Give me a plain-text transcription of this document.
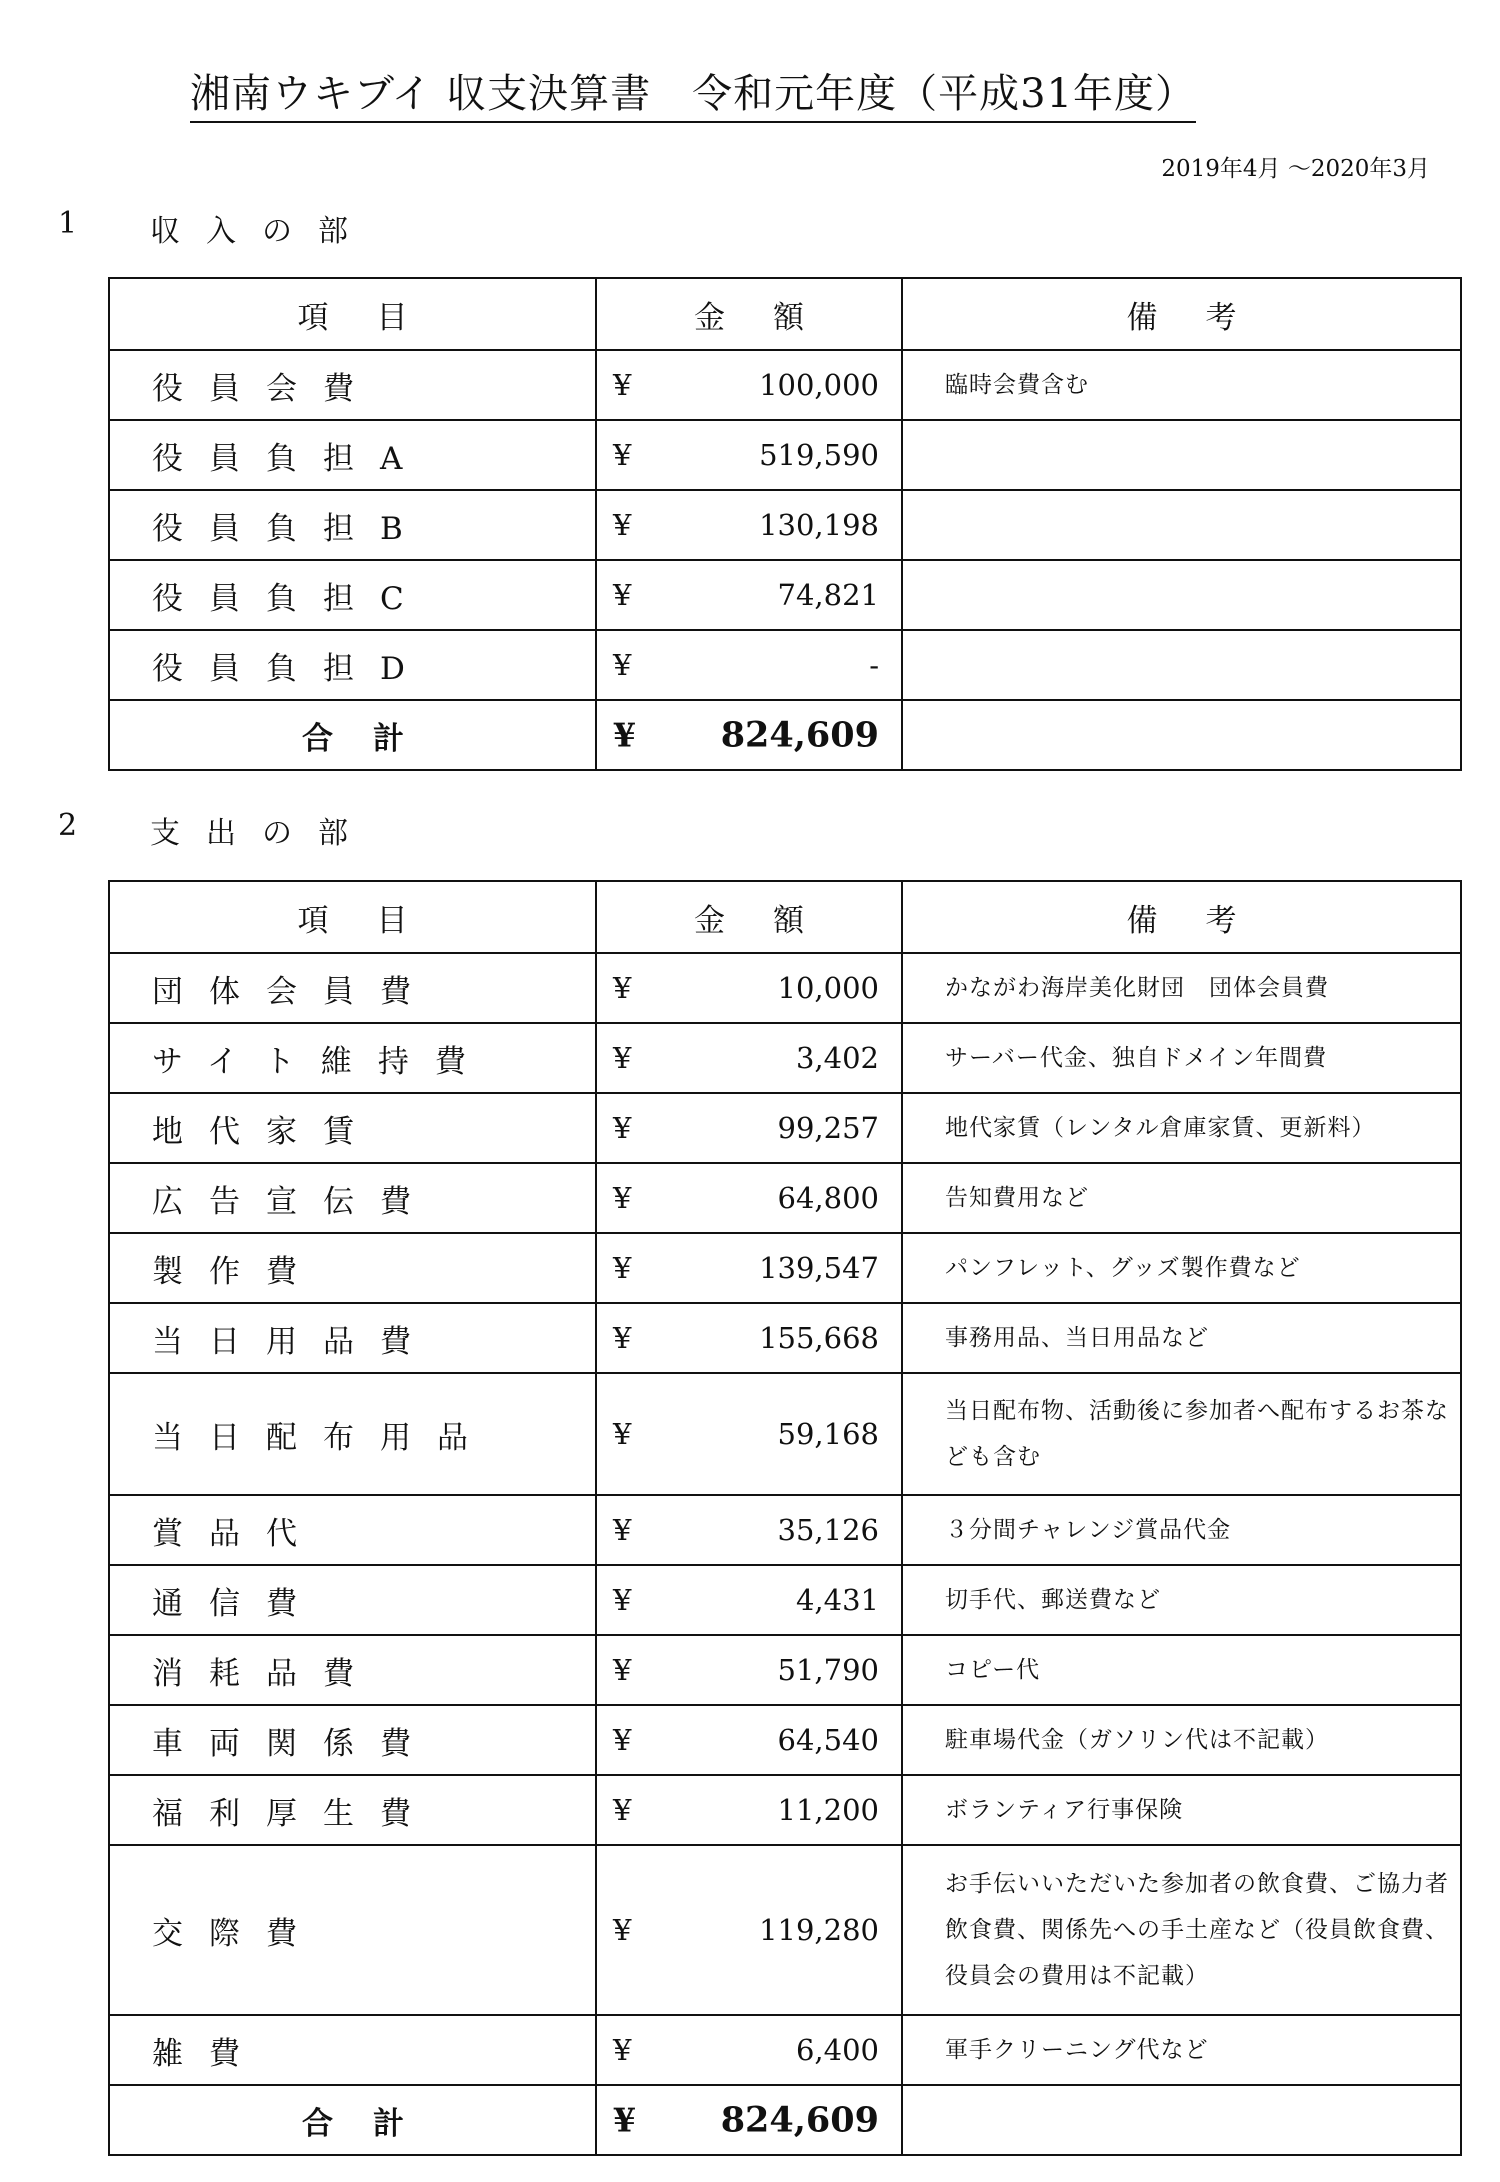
湘南ウキブイ 収支決算書　令和元年度（平成31年度）
2019年4月 ～2020年3月
1	収入の部
項目	金額	備考
役員会費	¥ 100,000	臨時会費含む
役員負担A	¥ 519,590	

役員負担B	¥ 130,198	

役員負担C	¥ 74,821	

役員負担D	¥ -	

合計	¥ 824,609	

2	支出の部
項目	金額	備考
団体会員費	¥ 10,000	かながわ海岸美化財団　団体会員費
サイト維持費	¥ 3,402	サーバー代金、独自ドメイン年間費
地代家賃	¥ 99,257	地代家賃（レンタル倉庫家賃、更新料）
広告宣伝費	¥ 64,800	告知費用など
製作費	¥ 139,547	パンフレット、グッズ製作費など
当日用品費	¥ 155,668	事務用品、当日用品など
当日配布用品	¥ 59,168	当日配布物、活動後に参加者へ配布するお茶なども含む
賞品代	¥ 35,126	３分間チャレンジ賞品代金
通信費	¥ 4,431	切手代、郵送費など
消耗品費	¥ 51,790	コピー代
車両関係費	¥ 64,540	駐車場代金（ガソリン代は不記載）
福利厚生費	¥ 11,200	ボランティア行事保険
交際費	¥ 119,280	お手伝いいただいた参加者の飲食費、ご協力者飲食費、関係先への手土産など（役員飲食費、役員会の費用は不記載）
雑費	¥ 6,400	軍手クリーニング代など
合計	¥ 824,609	
